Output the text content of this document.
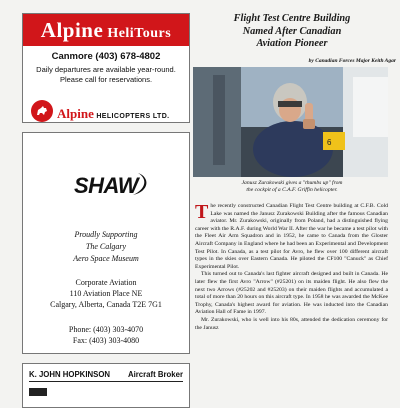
Alpine HeliTours
Canmore (403) 678-4802
Daily departures are available year-round.
Please call for reservations.
Alpine HELICOPTERS LTD.
SHAW
Proudly Supporting
The Calgary
Aero Space Museum
Corporate Aviation
110 Aviation Place NE
Calgary, Alberta, Canada T2E 7G1
Phone: (403) 303-4070
Fax: (403) 303-4080
K. JOHN HOPKINSON Aircraft Broker
Flight Test Centre Building
Named After Canadian
Aviation Pioneer
by Canadian Forces Major Keith Agar
6
Janusz Zurakowski gives a "thumbs up" from
the cockpit of a C.A.F. Griffin helicopter.

The recently constructed Canadian Flight Test Centre building at C.F.B. Cold Lake was named the Janusz Zurakowski Building after the famous Canadian aviator. Mr. Zurakowski, originally from Poland, had a distinguished flying career with the R.A.F. during World War II. After the war he became a test pilot with the Fleet Air Arm Squadron and in 1952, he came to Canada from the Gloster Aircraft Company in England where he had been an Experimental and Development Test Pilot. In Canada, as a test pilot for Avro, he flew over 100 different aircraft types in the skies over Eastern Canada. He piloted the CF100 "Canuck" as Chief Experimental Pilot.

This turned out to Canada's last fighter aircraft designed and built in Canada. He later flew the first Avro "Arrow" (#25201) on its maiden flight. He also flew the next two Arrows (#25202 and #25203) on their maiden flights and accumulated a total of more than 20 hours on this aircraft type. In 1958 he was awarded the McKee Trophy, Canada's highest award for aviation. He was inducted into the Canadian Aviation Hall of Fame in 1997.

Mr. Zurakowski, who is well into his 80s, attended the dedication ceremony for the Janusz
